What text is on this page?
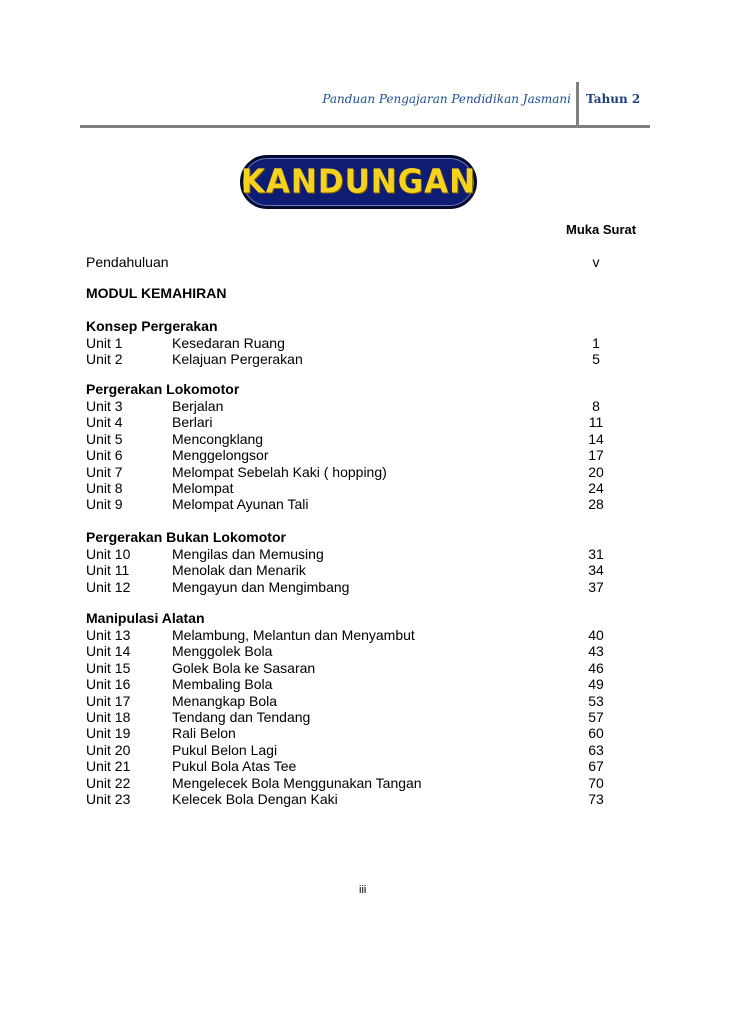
Panduan Pengajaran Pendidikan Jasmani Tahun 2
KANDUNGAN
Muka Surat
Pendahuluan	v
MODUL KEMAHIRAN
Konsep Pergerakan
Unit 1	Kesedaran Ruang	1
Unit 2	Kelajuan Pergerakan	5
Pergerakan Lokomotor
Unit 3	Berjalan	8
Unit 4	Berlari	11
Unit 5	Mencongklang	14
Unit 6	Menggelongsor	17
Unit 7	Melompat Sebelah Kaki ( hopping)	20
Unit 8	Melompat	24
Unit 9	Melompat Ayunan Tali	28
Pergerakan Bukan Lokomotor
Unit 10	Mengilas dan Memusing	31
Unit 11	Menolak dan Menarik	34
Unit 12	Mengayun dan Mengimbang	37
Manipulasi Alatan
Unit 13	Melambung, Melantun dan Menyambut	40
Unit 14	Menggolek Bola	43
Unit 15	Golek Bola ke Sasaran	46
Unit 16	Membaling Bola	49
Unit 17	Menangkap Bola	53
Unit 18	Tendang dan Tendang	57
Unit 19	Rali Belon	60
Unit 20	Pukul Belon Lagi	63
Unit 21	Pukul Bola Atas Tee	67
Unit 22	Mengelecek Bola Menggunakan Tangan	70
Unit 23	Kelecek Bola Dengan Kaki	73
iii
